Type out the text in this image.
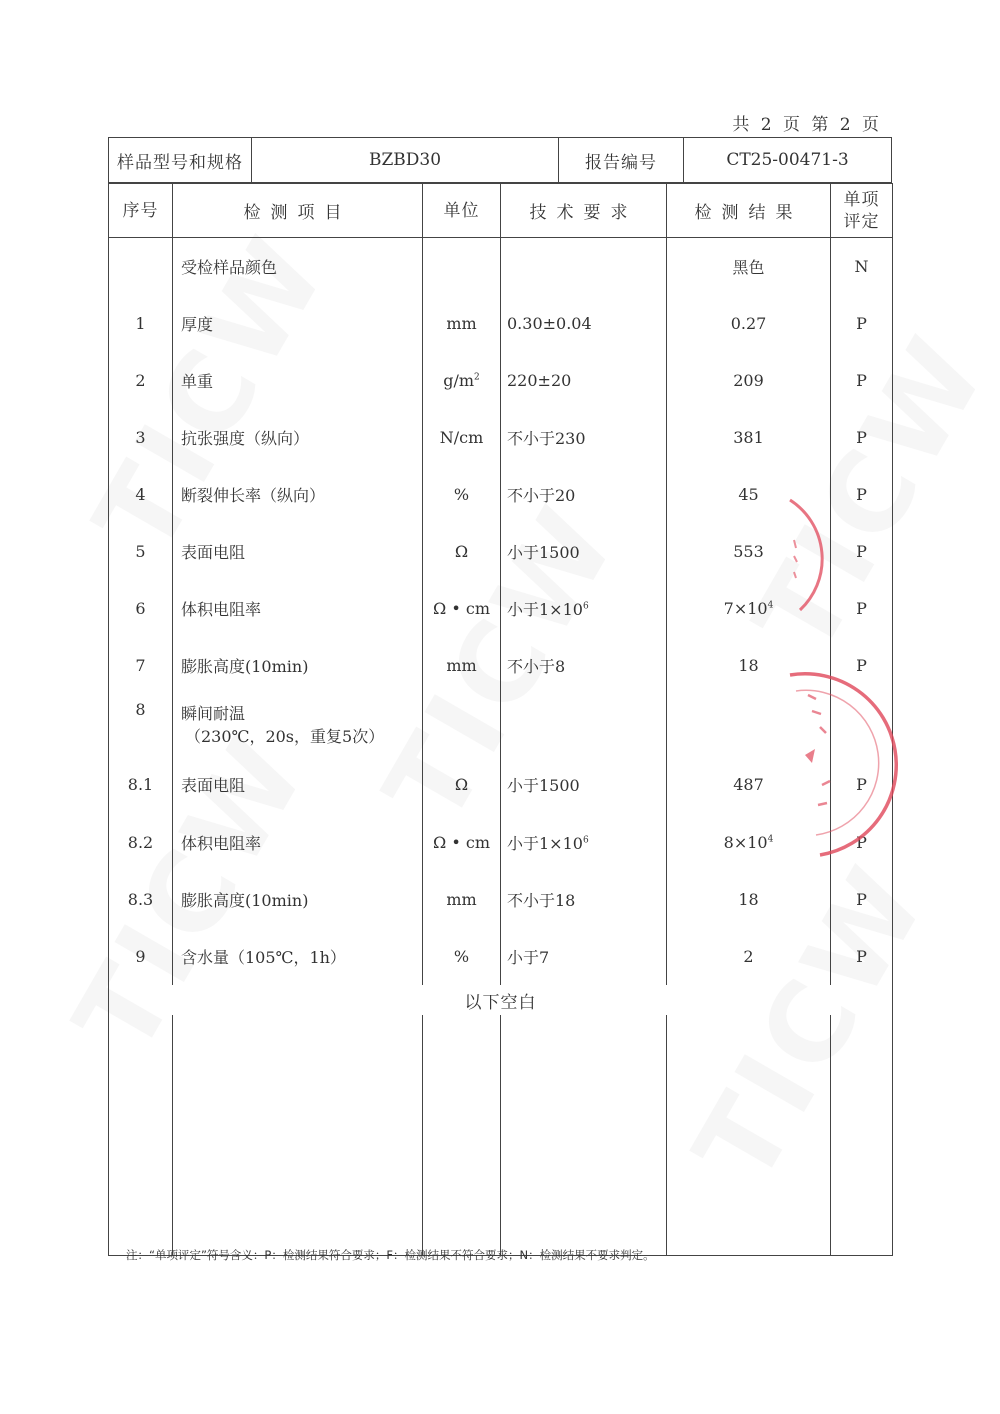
共 2 页 第 2 页
样品型号和规格	BZBD30	报告编号	CT25-00471-3
序号	检测项目	单位	技术要求	检测结果	单项
评定
	受检样品颜色			黑色	N
1	厚度	mm	0.30±0.04	0.27	P
2	单重	$g/m^2$	220±20	209	P
3	抗张强度（纵向）	N/cm	不小于230	381	P
4	断裂伸长率（纵向）	%	不小于20	45	P
5	表面电阻	Ω	小于1500	553	P
6	体积电阻率	Ω • cm	小于$1\times 10^6$	$7\times 10^4$	P
7	膨胀高度(10min)	mm	不小于8	18	P
8	瞬间耐温

（230℃，20s，重复5次）				

8.1	表面电阻	Ω	小于1500	487	P
8.2	体积电阻率	Ω • cm	小于$1\times 10^6$	$8\times 10^4$	P
8.3	膨胀高度(10min)	mm	不小于18	18	P
9	含水量（105℃，1h）	%	小于7	2	P
以下空白					

注：“单项评定”符号含义：P：检测结果符合要求；F：检测结果不符合要求；N：检测结果不要求判定。
